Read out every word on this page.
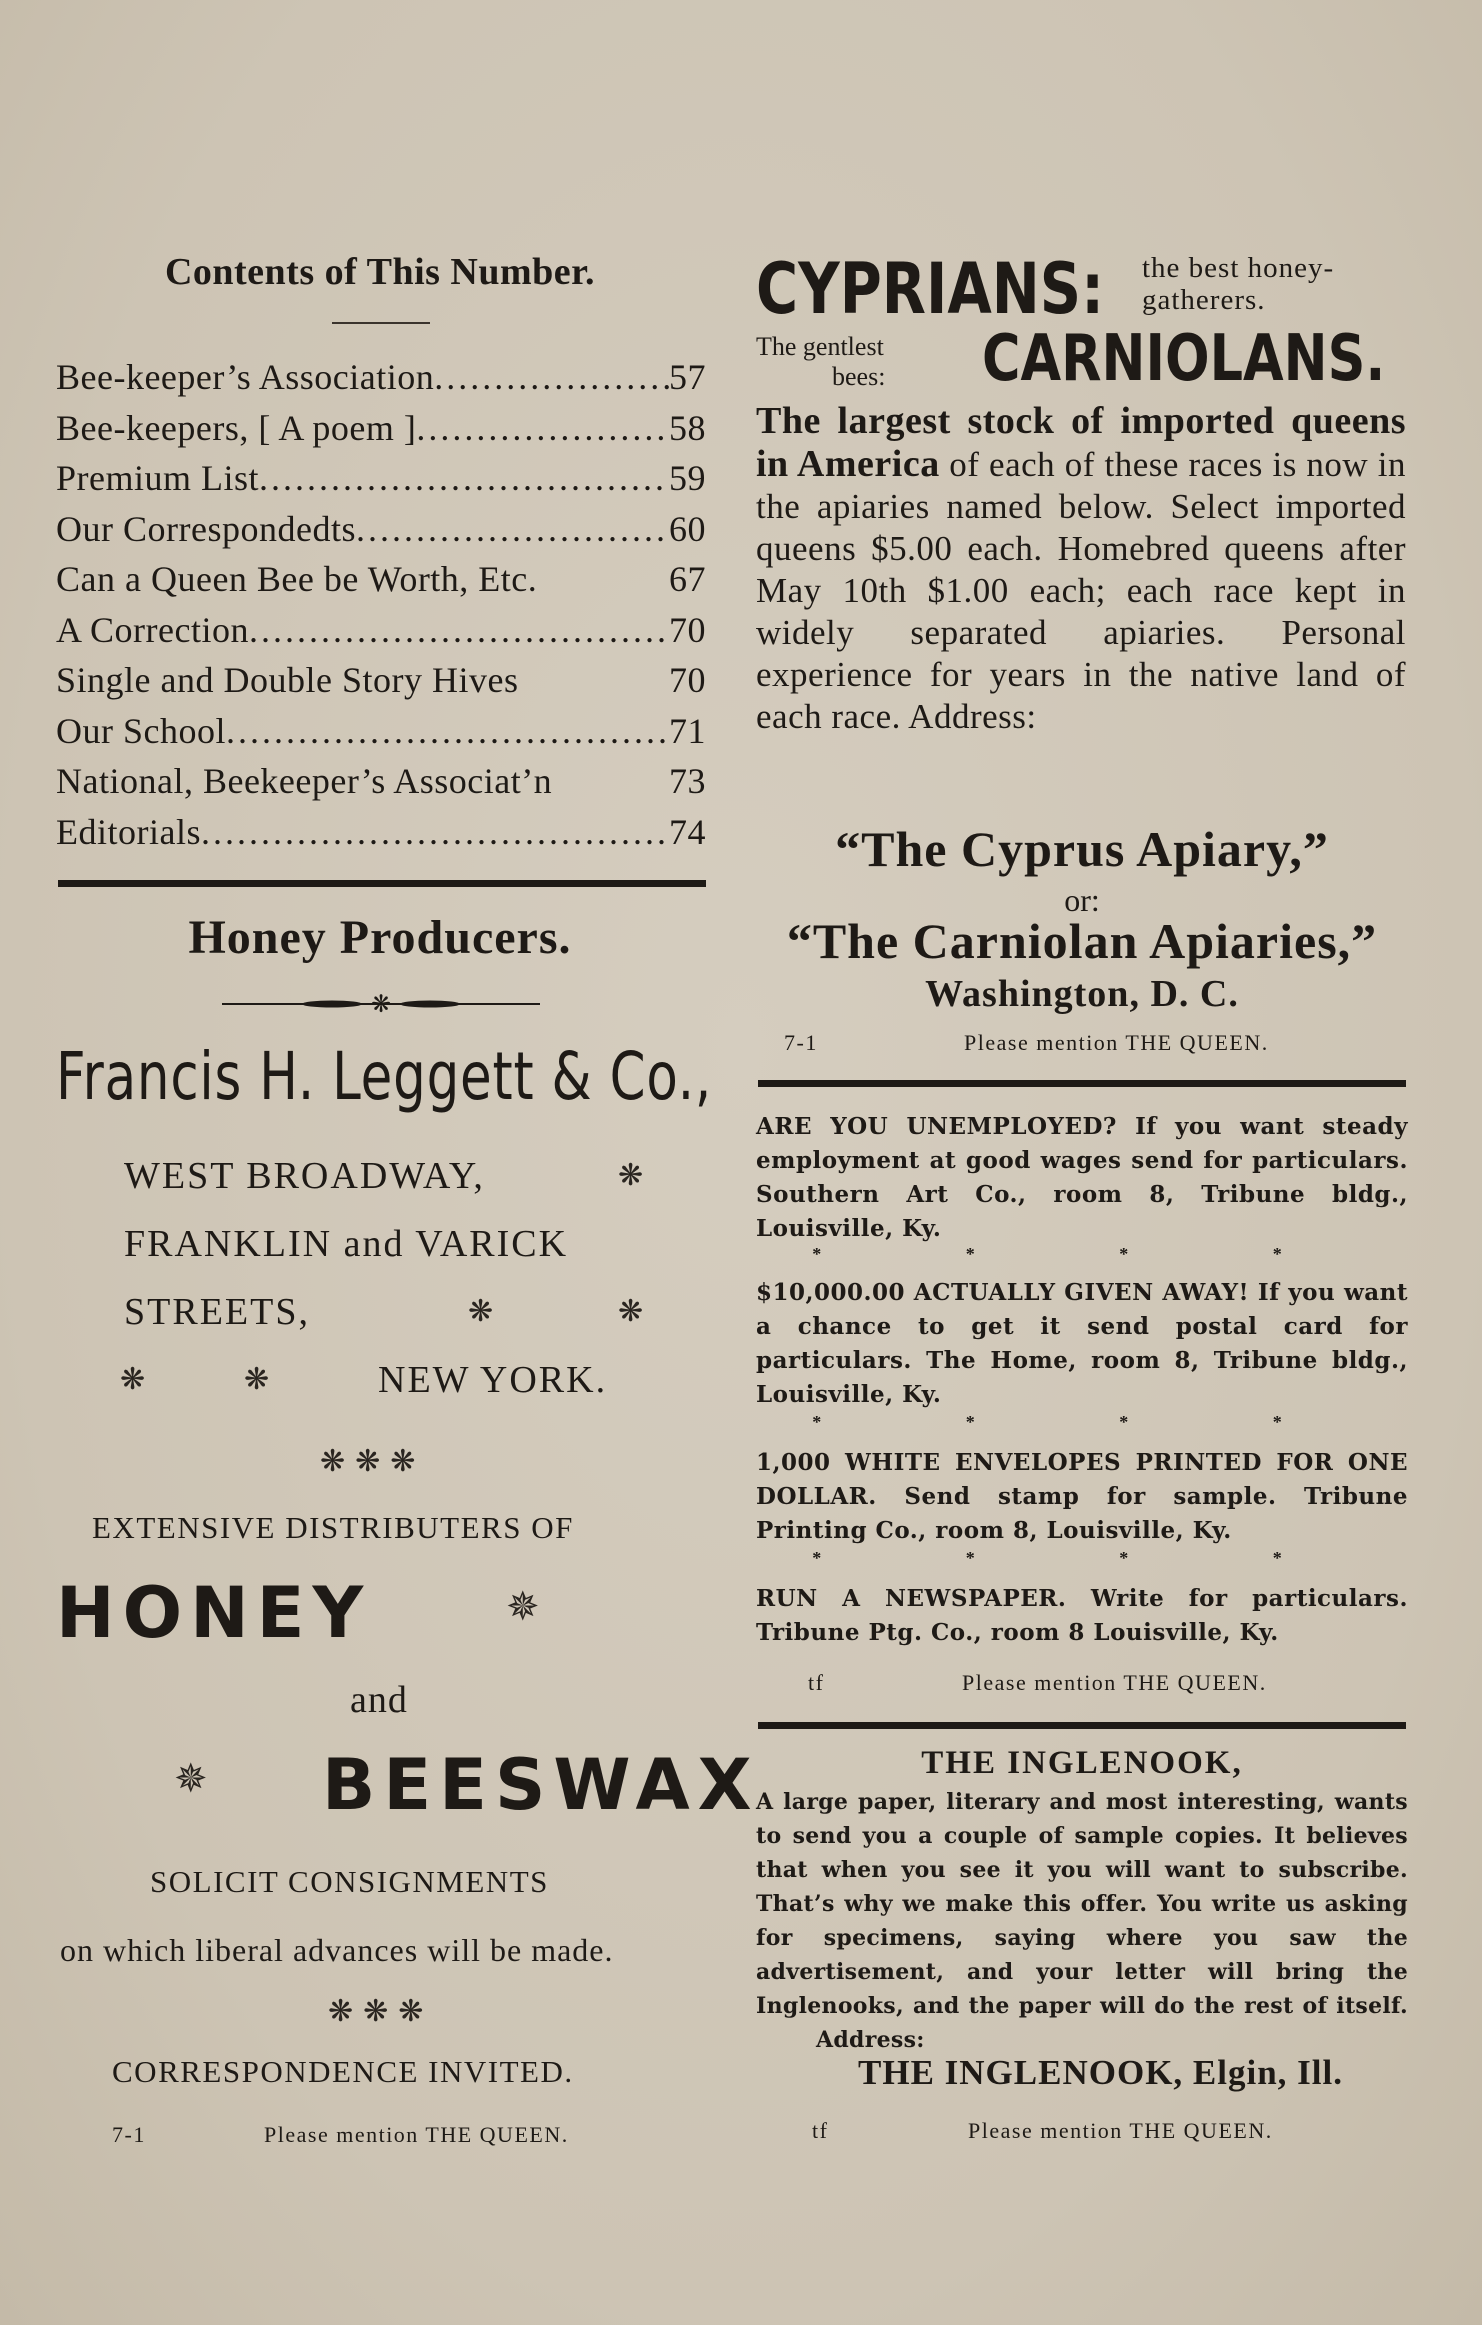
Contents of This Number.
Bee-keeper’s Association .....	57
Bee-keepers, [ A poem ] .....	58
Premium List .....	59
Our Correspondedts .....	60
Can a Queen Bee be Worth, Etc.	67
A Correction .....	70
Single and Double Story Hives	70
Our School .....	71
National, Beekeeper’s Associat’n	73
Editorials .....	74
Honey Producers.
❋
Francis H. Leggett & Co.,
WEST BROADWAY,	❋
FRANKLIN and VARICK
STREETS,	❋	❋
❋	❋	NEW YORK.
❋❋❋
EXTENSIVE DISTRIBUTERS OF
HONEY	✵
and
✵ BEESWAX
SOLICIT CONSIGNMENTS
on which liberal advances will be made.
❋❋❋
CORRESPONDENCE INVITED.
7-1	Please mention THE QUEEN.
CYPRIANS: the best honey-
gatherers.
The gentlest
bees: CARNIOLANS.
The largest stock of imported queens in America of each of these races is now in the apiaries named below. Select imported queens $5.00 each. Homebred queens after May 10th $1.00 each; each race kept in widely separated apiaries. Personal experience for years in the native land of each race. Address:
“The Cyprus Apiary,”
or:
“The Carniolan Apiaries,”
Washington, D. C.
7-1	Please mention THE QUEEN.
ARE YOU UNEMPLOYED? If you want steady employment at good wages send for particulars. Southern Art Co., room 8, Tribune bldg., Louisville, Ky.
* * * *
$10,000.00 ACTUALLY GIVEN AWAY! If you want a chance to get it send postal card for particulars. The Home, room 8, Tribune bldg., Louisville, Ky.
* * * *
1,000 WHITE ENVELOPES PRINTED FOR ONE DOLLAR. Send stamp for sample. Tribune Printing Co., room 8, Louisville, Ky.
* * * *
RUN A NEWSPAPER. Write for particulars. Tribune Ptg. Co., room 8 Louisville, Ky.
tf	Please mention THE QUEEN.
THE INGLENOOK,
A large paper, literary and most interesting, wants to send you a couple of sample copies. It believes that when you see it you will want to subscribe. That’s why we make this offer. You write us asking for specimens, saying where you saw the advertisement, and your letter will bring the Inglenooks, and the paper will do the rest of itself. Address:
THE INGLENOOK, Elgin, Ill.
tf	Please mention THE QUEEN.
